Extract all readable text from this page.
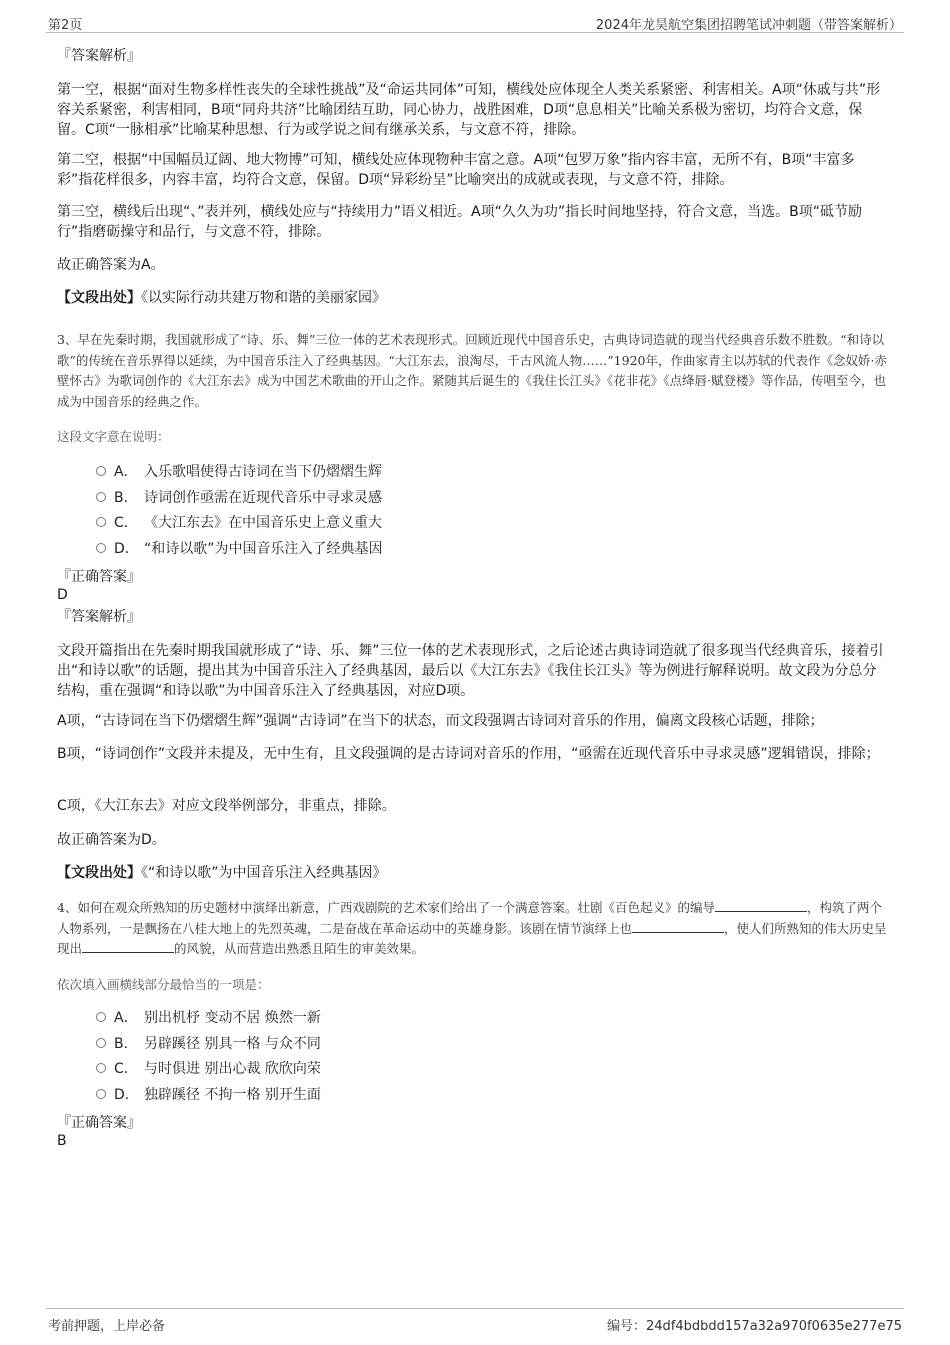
第2页	2024年龙昊航空集团招聘笔试冲刺题（带答案解析）
『答案解析』
第一空，根据“面对生物多样性丧失的全球性挑战”及“命运共同体”可知，横线处应体现全人类关系紧密、利害相关。A项“休戚与共”形容关系紧密，利害相同，B项“同舟共济”比喻团结互助，同心协力，战胜困难，D项“息息相关”比喻关系极为密切，均符合文意，保留。C项“一脉相承”比喻某种思想、行为或学说之间有继承关系，与文意不符，排除。
第二空，根据“中国幅员辽阔、地大物博”可知，横线处应体现物种丰富之意。A项“包罗万象”指内容丰富，无所不有，B项“丰富多彩”指花样很多，内容丰富，均符合文意，保留。D项“异彩纷呈”比喻突出的成就或表现，与文意不符，排除。
第三空，横线后出现“、”表并列，横线处应与“持续用力”语义相近。A项“久久为功”指长时间地坚持，符合文意，当选。B项“砥节励行”指磨砺操守和品行，与文意不符，排除。
故正确答案为A。
【文段出处】《以实际行动共建万物和谐的美丽家园》
3、早在先秦时期，我国就形成了“诗、乐、舞”三位一体的艺术表现形式。回顾近现代中国音乐史，古典诗词造就的现当代经典音乐数不胜数。“和诗以歌”的传统在音乐界得以延续，为中国音乐注入了经典基因。“大江东去，浪淘尽，千古风流人物……”1920年，作曲家青主以苏轼的代表作《念奴娇·赤壁怀古》为歌词创作的《大江东去》成为中国艺术歌曲的开山之作。紧随其后诞生的《我住长江头》《花非花》《点绛唇·赋登楼》等作品，传唱至今，也成为中国音乐的经典之作。
这段文字意在说明：
A． 入乐歌唱使得古诗词在当下仍熠熠生辉
B． 诗词创作亟需在近现代音乐中寻求灵感
C． 《大江东去》在中国音乐史上意义重大
D． “和诗以歌”为中国音乐注入了经典基因
『正确答案』
D
『答案解析』
文段开篇指出在先秦时期我国就形成了“诗、乐、舞”三位一体的艺术表现形式，之后论述古典诗词造就了很多现当代经典音乐，接着引出“和诗以歌”的话题，提出其为中国音乐注入了经典基因，最后以《大江东去》《我住长江头》等为例进行解释说明。故文段为分总分结构，重在强调“和诗以歌”为中国音乐注入了经典基因，对应D项。
A项，“古诗词在当下仍熠熠生辉”强调“古诗词”在当下的状态，而文段强调古诗词对音乐的作用，偏离文段核心话题，排除；
B项，“诗词创作”文段并未提及，无中生有，且文段强调的是古诗词对音乐的作用，“亟需在近现代音乐中寻求灵感”逻辑错误，排除；
C项，《大江东去》对应文段举例部分，非重点，排除。
故正确答案为D。
【文段出处】《“和诗以歌”为中国音乐注入经典基因》
4、如何在观众所熟知的历史题材中演绎出新意，广西戏剧院的艺术家们给出了一个满意答案。壮剧《百色起义》的编导	，构筑了两个人物系列，一是飘扬在八桂大地上的先烈英魂，二是奋战在革命运动中的英雄身影。该剧在情节演绎上也	，使人们所熟知的伟大历史呈现出	的风貌，从而营造出熟悉且陌生的审美效果。
依次填入画横线部分最恰当的一项是：
A． 别出机杼 变动不居 焕然一新
B． 另辟蹊径 别具一格 与众不同
C． 与时俱进 别出心裁 欣欣向荣
D． 独辟蹊径 不拘一格 别开生面
『正确答案』
B
考前押题，上岸必备	编号：24df4bdbdd157a32a970f0635e277e75
